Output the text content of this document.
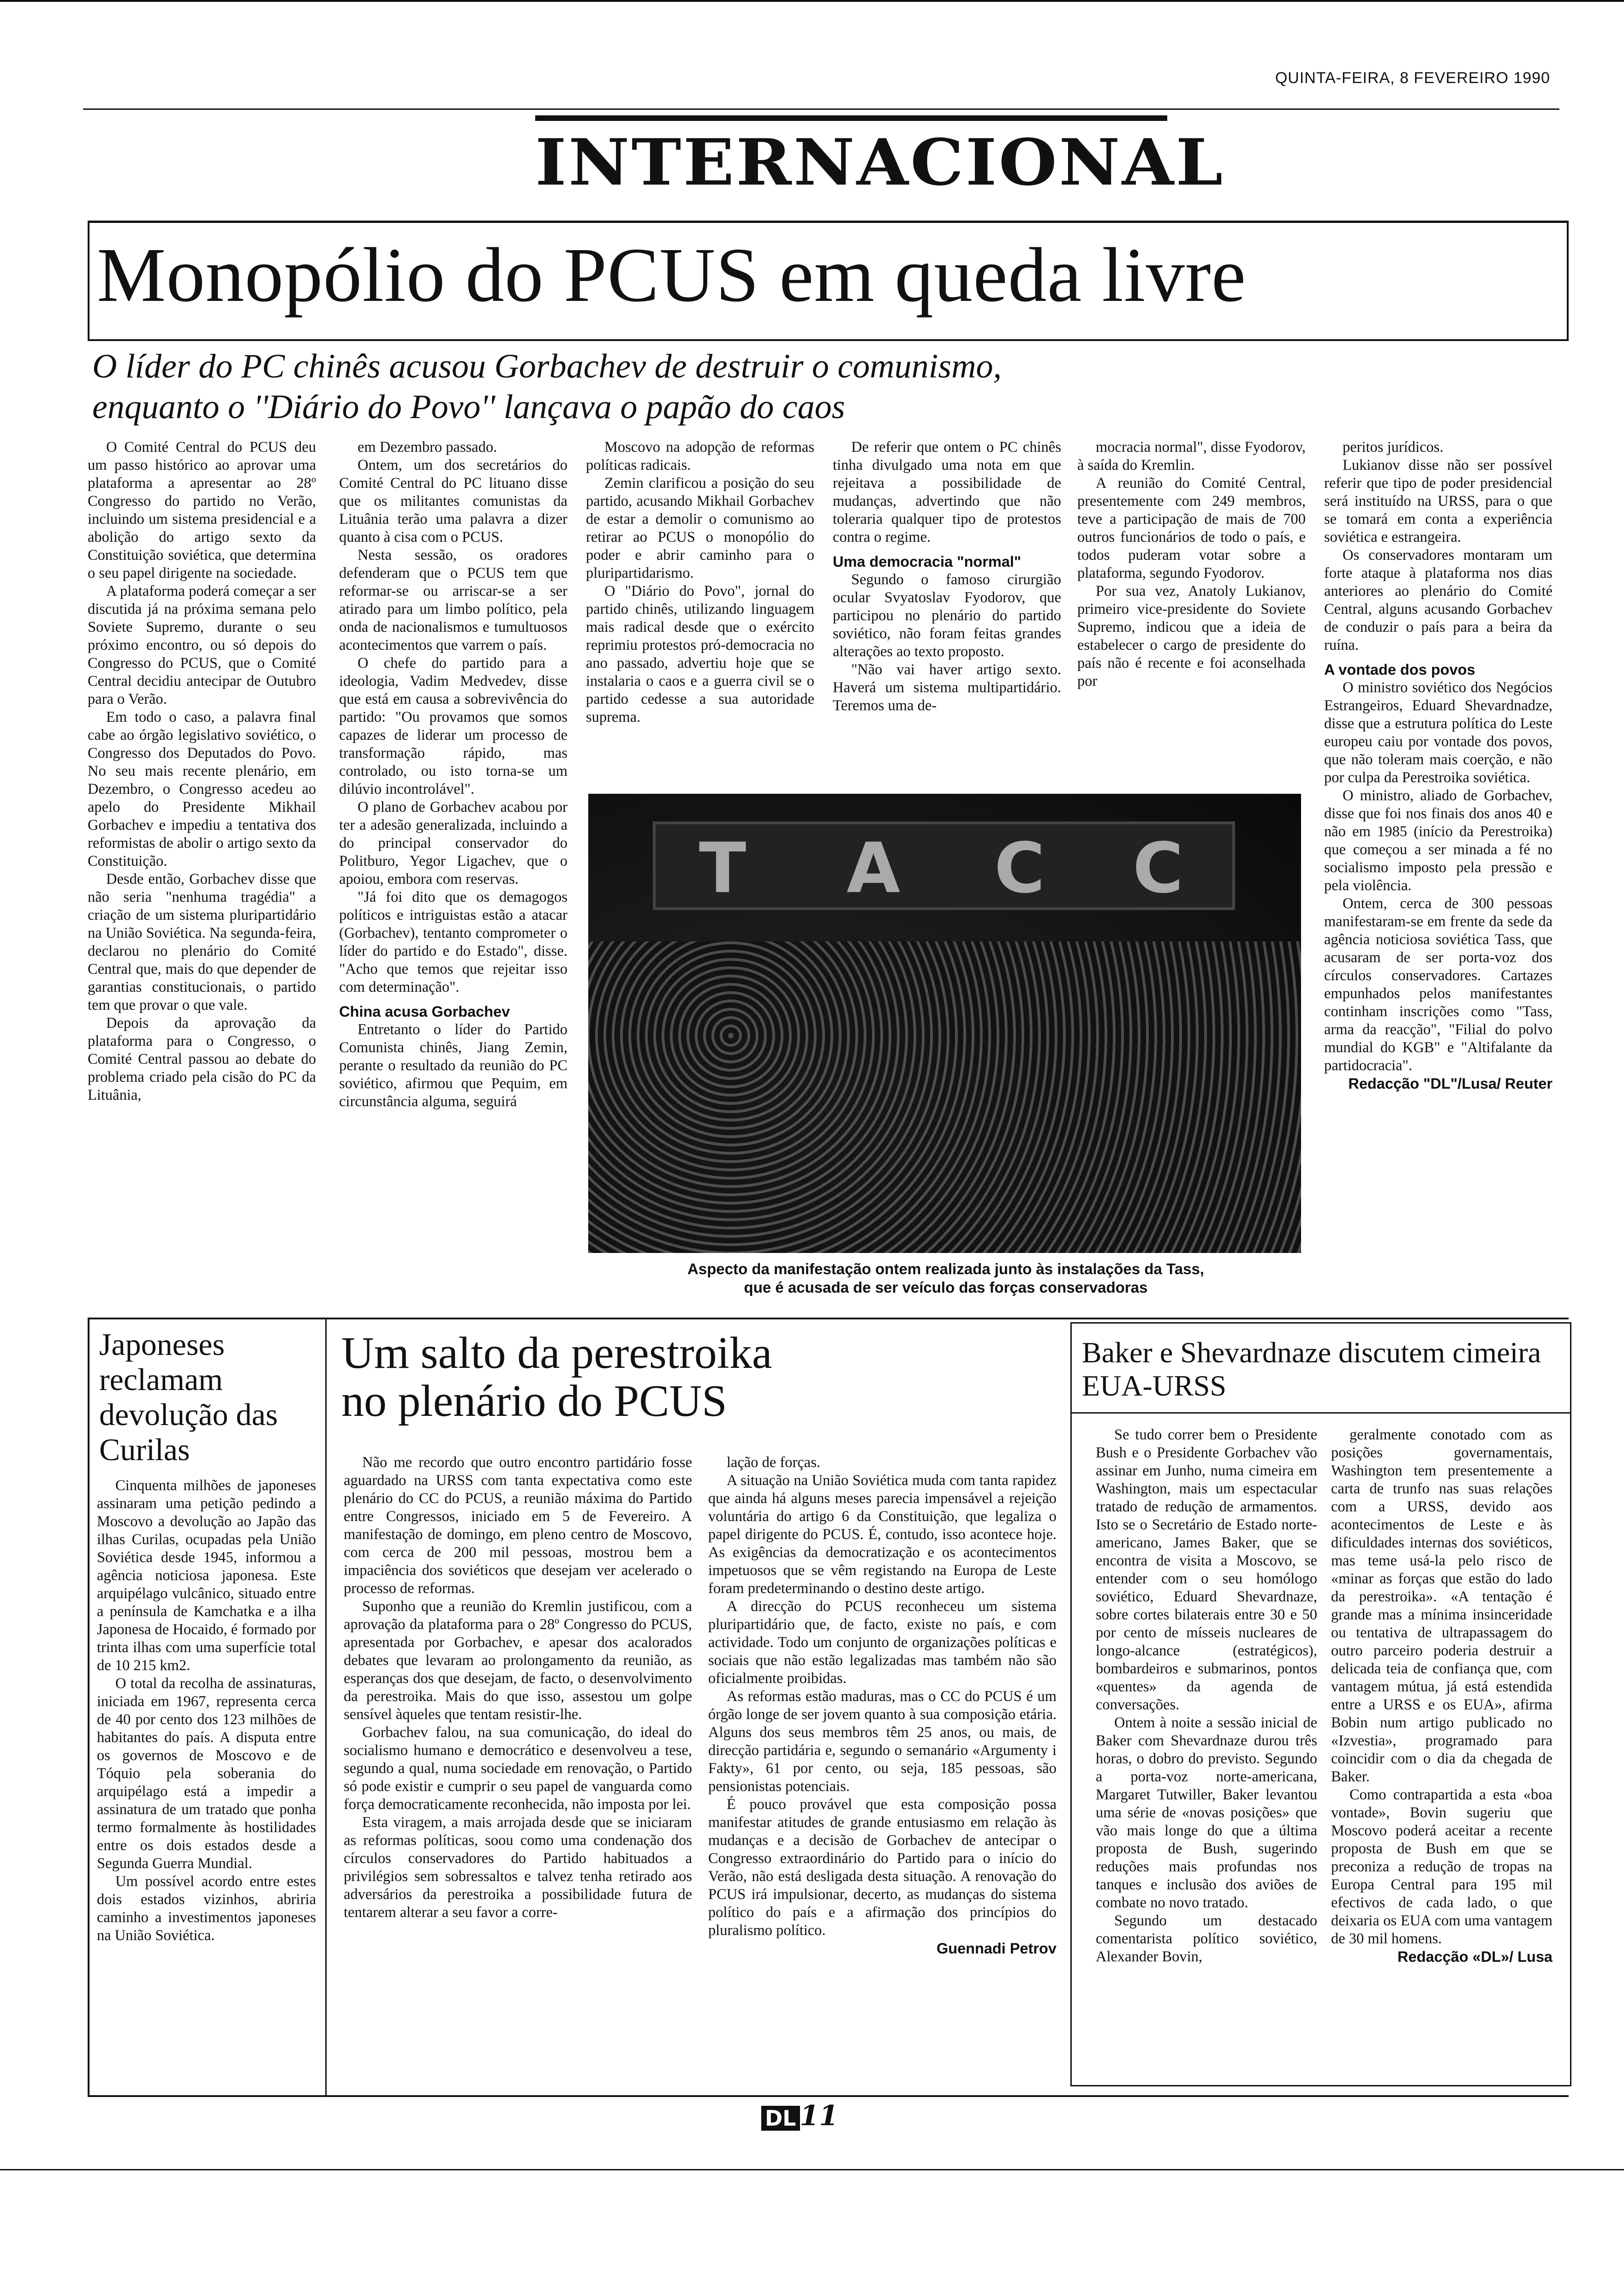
QUINTA-FEIRA, 8 FEVEREIRO 1990
INTERNACIONAL
Monopólio do PCUS em queda livre
O líder do PC chinês acusou Gorbachev de destruir o comunismo,
enquanto o ''Diário do Povo'' lançava o papão do caos

O Comité Central do PCUS deu um passo histórico ao aprovar uma plataforma a apresentar ao 28º Congresso do partido no Verão, incluindo um sistema presidencial e a abolição do artigo sexto da Constituição soviética, que determina o seu papel dirigente na sociedade.

A plataforma poderá começar a ser discutida já na próxima semana pelo Soviete Supremo, durante o seu próximo encontro, ou só depois do Congresso do PCUS, que o Comité Central decidiu antecipar de Outubro para o Verão.

Em todo o caso, a palavra final cabe ao órgão legislativo soviético, o Congresso dos Deputados do Povo. No seu mais recente plenário, em Dezembro, o Congresso acedeu ao apelo do Presidente Mikhail Gorbachev e impediu a tentativa dos reformistas de abolir o artigo sexto da Constituição.

Desde então, Gorbachev disse que não seria "nenhuma tragédia" a criação de um sistema pluripartidário na União Soviética. Na segunda-feira, declarou no plenário do Comité Central que, mais do que depender de garantias constitucionais, o partido tem que provar o que vale.

Depois da aprovação da plataforma para o Congresso, o Comité Central passou ao debate do problema criado pela cisão do PC da Lituânia,

em Dezembro passado.

Ontem, um dos secretários do Comité Central do PC lituano disse que os militantes comunistas da Lituânia terão uma palavra a dizer quanto à cisa com o PCUS.

Nesta sessão, os oradores defenderam que o PCUS tem que reformar-se ou arriscar-se a ser atirado para um limbo político, pela onda de nacionalismos e tumultuosos acontecimentos que varrem o país.

O chefe do partido para a ideologia, Vadim Medvedev, disse que está em causa a sobrevivência do partido: "Ou provamos que somos capazes de liderar um processo de transformação rápido, mas controlado, ou isto torna-se um dilúvio incontrolável".

O plano de Gorbachev acabou por ter a adesão generalizada, incluindo a do principal conservador do Politburo, Yegor Ligachev, que o apoiou, embora com reservas.

"Já foi dito que os demagogos políticos e intriguistas estão a atacar (Gorbachev), tentanto comprometer o líder do partido e do Estado", disse. "Acho que temos que rejeitar isso com determinação".

China acusa Gorbachev

Entretanto o líder do Partido Comunista chinês, Jiang Zemin, perante o resultado da reunião do PC soviético, afirmou que Pequim, em circunstância alguma, seguirá

Moscovo na adopção de reformas políticas radicais.

Zemin clarificou a posição do seu partido, acusando Mikhail Gorbachev de estar a demolir o comunismo ao retirar ao PCUS o monopólio do poder e abrir caminho para o pluripartidarismo.

O "Diário do Povo", jornal do partido chinês, utilizando linguagem mais radical desde que o exército reprimiu protestos pró-democracia no ano passado, advertiu hoje que se instalaria o caos e a guerra civil se o partido cedesse a sua autoridade suprema.

De referir que ontem o PC chinês tinha divulgado uma nota em que rejeitava a possibilidade de mudanças, advertindo que não toleraria qualquer tipo de protestos contra o regime.

Uma democracia "normal"

Segundo o famoso cirurgião ocular Svyatoslav Fyodorov, que participou no plenário do partido soviético, não foram feitas grandes alterações ao texto proposto.

"Não vai haver artigo sexto. Haverá um sistema multipartidário. Teremos uma de-

mocracia normal", disse Fyodorov, à saída do Kremlin.

A reunião do Comité Central, presentemente com 249 membros, teve a participação de mais de 700 outros funcionários de todo o país, e todos puderam votar sobre a plataforma, segundo Fyodorov.

Por sua vez, Anatoly Lukianov, primeiro vice-presidente do Soviete Supremo, indicou que a ideia de estabelecer o cargo de presidente do país não é recente e foi aconselhada por

peritos jurídicos.

Lukianov disse não ser possível referir que tipo de poder presidencial será instituído na URSS, para o que se tomará em conta a experiência soviética e estrangeira.

Os conservadores montaram um forte ataque à plataforma nos dias anteriores ao plenário do Comité Central, alguns acusando Gorbachev de conduzir o país para a beira da ruína.

A vontade dos povos

O ministro soviético dos Negócios Estrangeiros, Eduard Shevardnadze, disse que a estrutura política do Leste europeu caiu por vontade dos povos, que não toleram mais coerção, e não por culpa da Perestroika soviética.

O ministro, aliado de Gorbachev, disse que foi nos finais dos anos 40 e não em 1985 (início da Perestroika) que começou a ser minada a fé no socialismo imposto pela pressão e pela violência.

Ontem, cerca de 300 pessoas manifestaram-se em frente da sede da agência noticiosa soviética Tass, que acusaram de ser porta-voz dos círculos conservadores. Cartazes empunhados pelos manifestantes continham inscrições como "Tass, arma da reacção", "Filial do polvo mundial do KGB" e "Altifalante da partidocracia".

Redacção "DL"/Lusa/ Reuter

T A C C
Aspecto da manifestação ontem realizada junto às instalações da Tass,
que é acusada de ser veículo das forças conservadoras
Japoneses reclamam devolução das Curilas

Cinquenta milhões de japoneses assinaram uma petição pedindo a Moscovo a devolução ao Japão das ilhas Curilas, ocupadas pela União Soviética desde 1945, informou a agência noticiosa japonesa. Este arquipélago vulcânico, situado entre a península de Kamchatka e a ilha Japonesa de Hocaido, é formado por trinta ilhas com uma superfície total de 10 215 km2.

O total da recolha de assinaturas, iniciada em 1967, representa cerca de 40 por cento dos 123 milhões de habitantes do país. A disputa entre os governos de Moscovo e de Tóquio pela soberania do arquipélago está a impedir a assinatura de um tratado que ponha termo formalmente às hostilidades entre os dois estados desde a Segunda Guerra Mundial.

Um possível acordo entre estes dois estados vizinhos, abriria caminho a investimentos japoneses na União Soviética.

Um salto da perestroika
no plenário do PCUS

Não me recordo que outro encontro partidário fosse aguardado na URSS com tanta expectativa como este plenário do CC do PCUS, a reunião máxima do Partido entre Congressos, iniciado em 5 de Fevereiro. A manifestação de domingo, em pleno centro de Moscovo, com cerca de 200 mil pessoas, mostrou bem a impaciência dos soviéticos que desejam ver acelerado o processo de reformas.

Suponho que a reunião do Kremlin justificou, com a aprovação da plataforma para o 28º Congresso do PCUS, apresentada por Gorbachev, e apesar dos acalorados debates que levaram ao prolongamento da reunião, as esperanças dos que desejam, de facto, o desenvolvimento da perestroika. Mais do que isso, assestou um golpe sensível àqueles que tentam resistir-lhe.

Gorbachev falou, na sua comunicação, do ideal do socialismo humano e democrático e desenvolveu a tese, segundo a qual, numa sociedade em renovação, o Partido só pode existir e cumprir o seu papel de vanguarda como força democraticamente reconhecida, não imposta por lei.

Esta viragem, a mais arrojada desde que se iniciaram as reformas políticas, soou como uma condenação dos círculos conservadores do Partido habituados a privilégios sem sobressaltos e talvez tenha retirado aos adversários da perestroika a possibilidade futura de tentarem alterar a seu favor a corre-

lação de forças.

A situação na União Soviética muda com tanta rapidez que ainda há alguns meses parecia impensável a rejeição voluntária do artigo 6 da Constituição, que legaliza o papel dirigente do PCUS. É, contudo, isso acontece hoje. As exigências da democratização e os acontecimentos impetuosos que se vêm registando na Europa de Leste foram predeterminando o destino deste artigo.

A direcção do PCUS reconheceu um sistema pluripartidário que, de facto, existe no país, e com actividade. Todo um conjunto de organizações políticas e sociais que não estão legalizadas mas também não são oficialmente proibidas.

As reformas estão maduras, mas o CC do PCUS é um órgão longe de ser jovem quanto à sua composição etária. Alguns dos seus membros têm 25 anos, ou mais, de direcção partidária e, segundo o semanário «Argumenty i Fakty», 61 por cento, ou seja, 185 pessoas, são pensionistas potenciais.

É pouco provável que esta composição possa manifestar atitudes de grande entusiasmo em relação às mudanças e a decisão de Gorbachev de antecipar o Congresso extraordinário do Partido para o início do Verão, não está desligada desta situação. A renovação do PCUS irá impulsionar, decerto, as mudanças do sistema político do país e a afirmação dos princípios do pluralismo político.

Guennadi Petrov

Baker e Shevardnaze discutem cimeira EUA-URSS

Se tudo correr bem o Presidente Bush e o Presidente Gorbachev vão assinar em Junho, numa cimeira em Washington, mais um espectacular tratado de redução de armamentos. Isto se o Secretário de Estado norte-americano, James Baker, que se encontra de visita a Moscovo, se entender com o seu homólogo soviético, Eduard Shevardnaze, sobre cortes bilaterais entre 30 e 50 por cento de mísseis nucleares de longo-alcance (estratégicos), bombardeiros e submarinos, pontos «quentes» da agenda de conversações.

Ontem à noite a sessão inicial de Baker com Shevardnaze durou três horas, o dobro do previsto. Segundo a porta-voz norte-americana, Margaret Tutwiller, Baker levantou uma série de «novas posições» que vão mais longe do que a última proposta de Bush, sugerindo reduções mais profundas nos tanques e inclusão dos aviões de combate no novo tratado.

Segundo um destacado comentarista político soviético, Alexander Bovin,

geralmente conotado com as posições governamentais, Washington tem presentemente a carta de trunfo nas suas relações com a URSS, devido aos acontecimentos de Leste e às dificuldades internas dos soviéticos, mas teme usá-la pelo risco de «minar as forças que estão do lado da perestroika». «A tentação é grande mas a mínima insinceridade ou tentativa de ultrapassagem do outro parceiro poderia destruir a delicada teia de confiança que, com vantagem mútua, já está estendida entre a URSS e os EUA», afirma Bobin num artigo publicado no «Izvestia», programado para coincidir com o dia da chegada de Baker.

Como contrapartida a esta «boa vontade», Bovin sugeriu que Moscovo poderá aceitar a recente proposta de Bush em que se preconiza a redução de tropas na Europa Central para 195 mil efectivos de cada lado, o que deixaria os EUA com uma vantagem de 30 mil homens.

Redacção «DL»/ Lusa

DL 11
